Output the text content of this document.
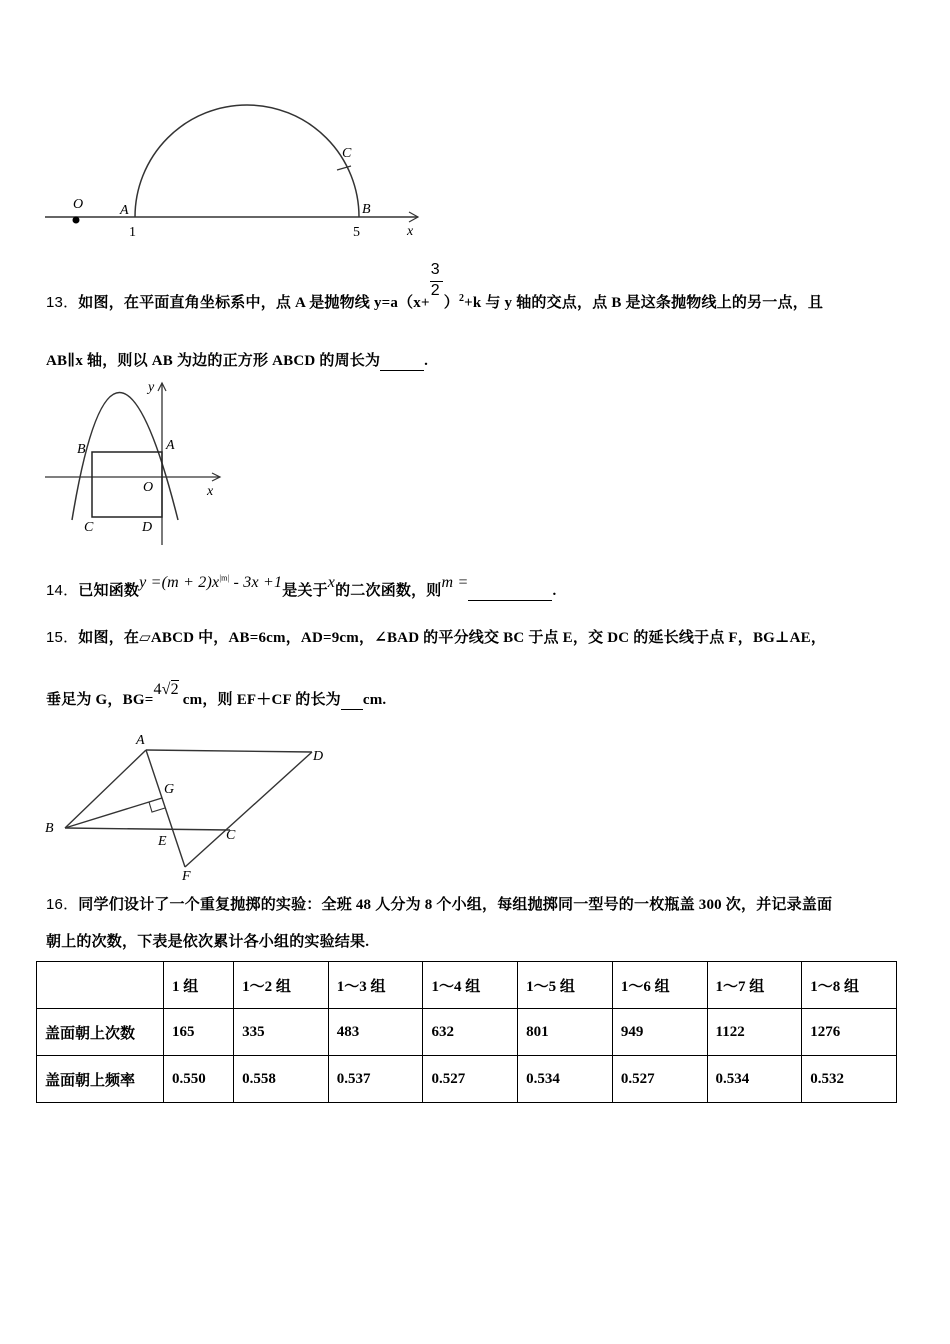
O	A
C
B
1	5	x
13．如图，在平面直角坐标系中，点 A 是抛物线 $y=a(x+ \frac{3}{2} )^2+k$ 与 y 轴的交点，点 B 是这条抛物线上的另一点，且
AB∥x 轴，则以 AB 为边的正方形 ABCD 的周长为	.
y
x
A
B
O
C	D
14．已知函数$y =(m + 2)x^{|m|} - 3x +1$是关于x的二次函数，则m =	.
15．如图，在▱ABCD 中，AB=6cm，AD=9cm，∠BAD 的平分线交 BC 于点 E，交 DC 的延长线于点 F，BG⊥AE，
垂足为 G，BG=4√2 cm，则 EF＋CF 的长为 cm.
A
D
G
B
E	C
F
16．同学们设计了一个重复抛掷的实验：全班 48 人分为 8 个小组，每组抛掷同一型号的一枚瓶盖 300 次，并记录盖面
朝上的次数，下表是依次累计各小组的实验结果.
	1 组	1～2 组	1～3 组	1～4 组	1～5 组	1～6 组	1～7 组	1～8 组
盖面朝上次数	165	335	483	632	801	949	1122	1276
盖面朝上频率	0.550	0.558	0.537	0.527	0.534	0.527	0.534	0.532
